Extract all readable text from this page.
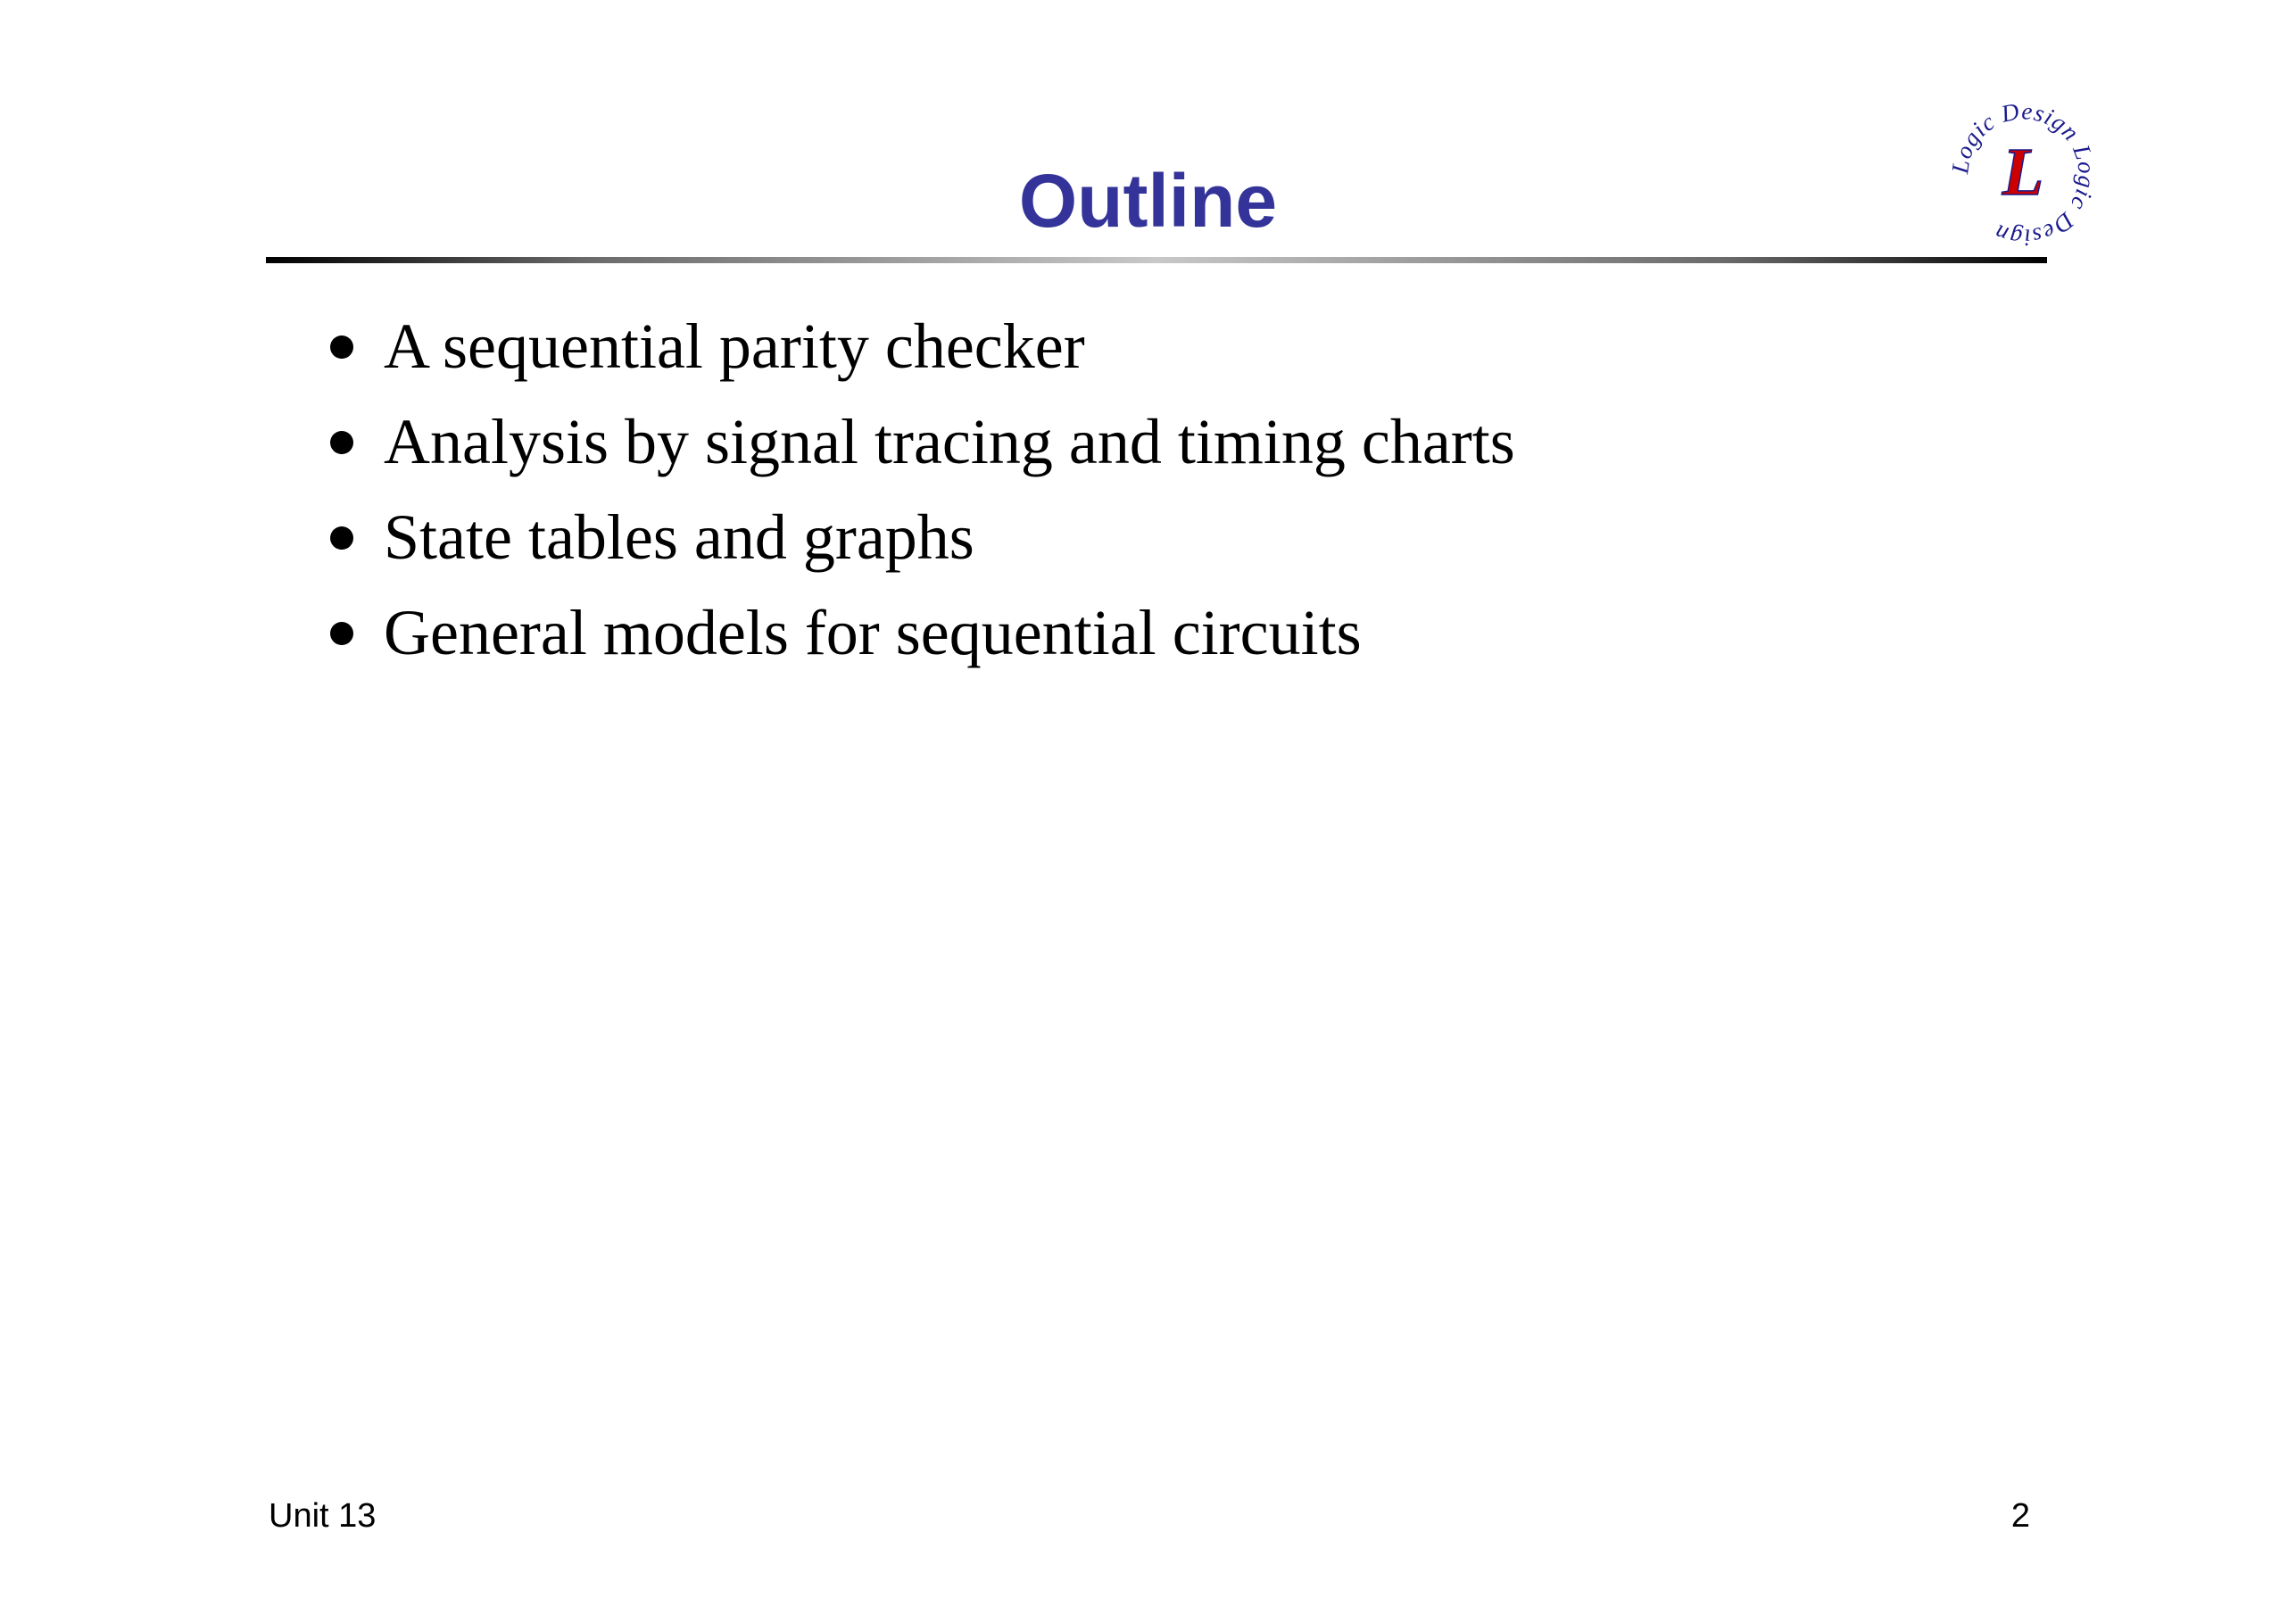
Outline	Logic Design Logic Design
L
A sequential parity checker
Analysis by signal tracing and timing charts
State tables and graphs
General models for sequential circuits
Unit 13	2
